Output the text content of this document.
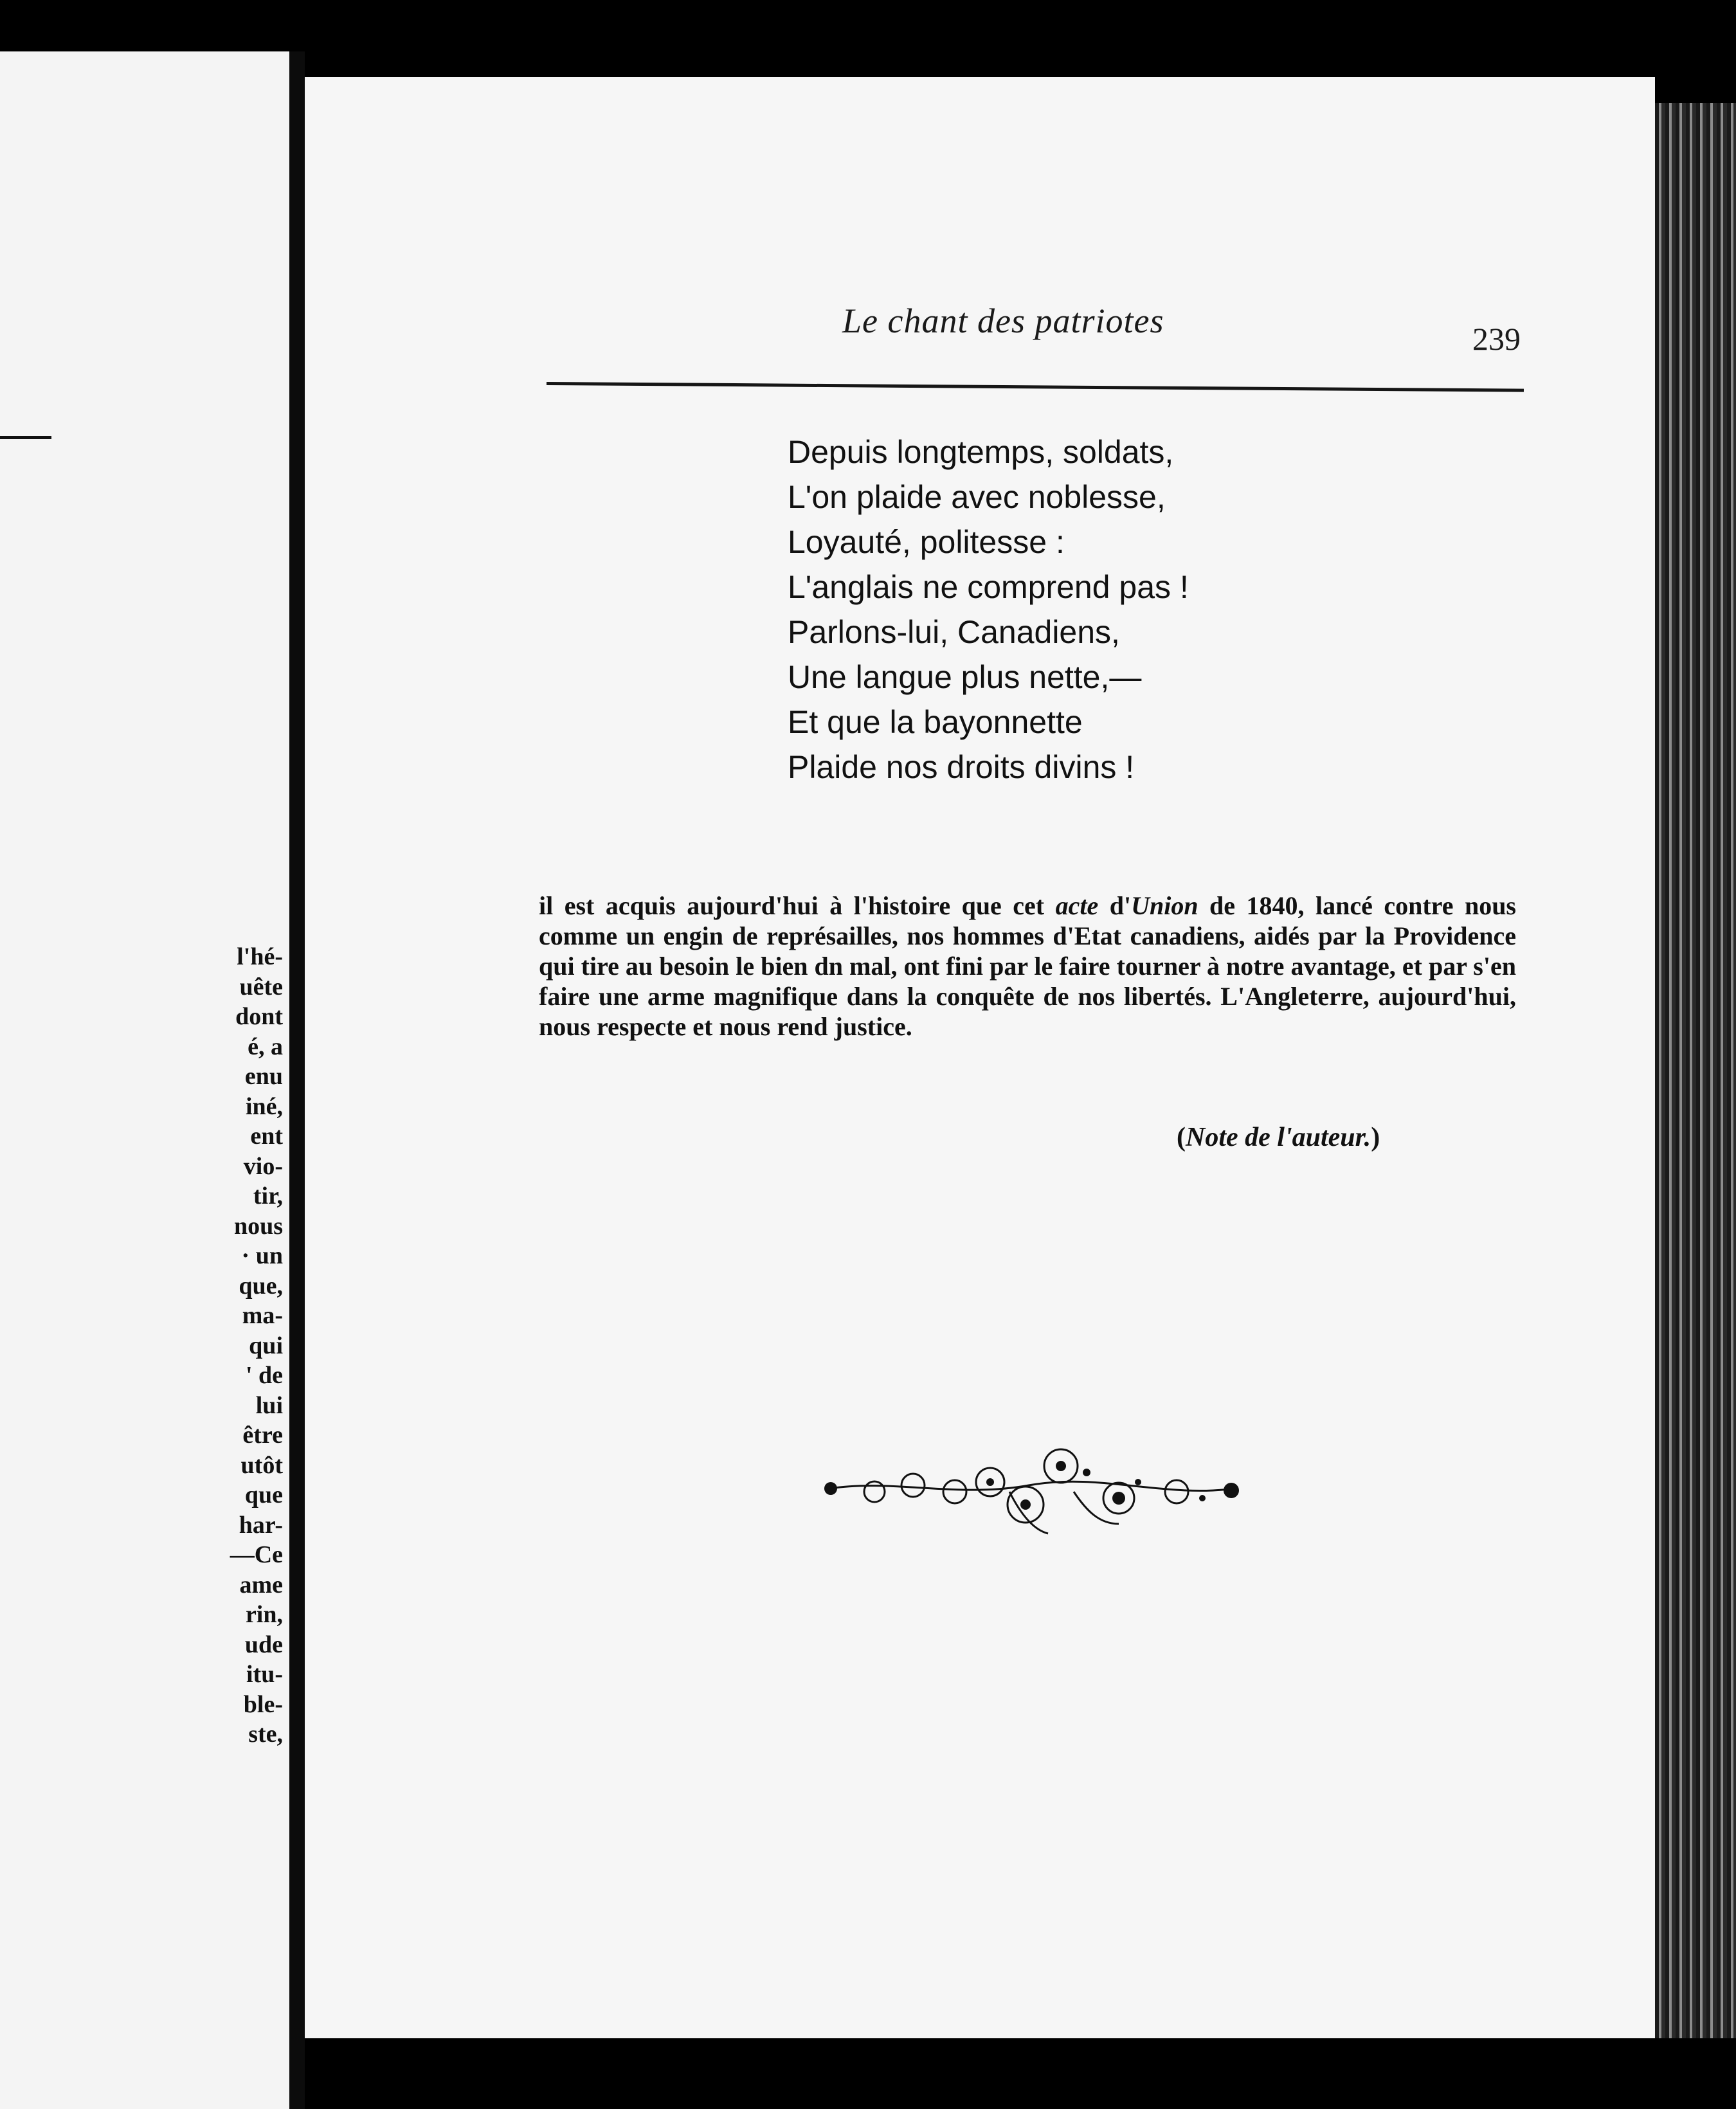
l'hé-
uête
dont
é, a
enu
iné,
ent
vio-
tir,
nous
· un
que,
ma-
qui
' de
lui
être
utôt
que
har-
—Ce
ame
rin,
ude
itu-
ble-
ste,
Le chant des patriotes	239
Depuis longtemps, soldats,
L'on plaide avec noblesse,
Loyauté, politesse :
L'anglais ne comprend pas !
Parlons-lui, Canadiens,
Une langue plus nette,—
Et que la bayonnette
Plaide nos droits divins !

il est acquis aujourd'hui à l'histoire que cet acte d'Union de 1840, lancé contre nous comme un engin de représailles, nos hommes d'Etat canadiens, aidés par la Providence qui tire au besoin le bien dn mal, ont fini par le faire tourner à notre avantage, et par s'en faire une arme magnifique dans la conquête de nos libertés. L'Angleterre, aujourd'hui, nous respecte et nous rend justice.

(Note de l'auteur.)
